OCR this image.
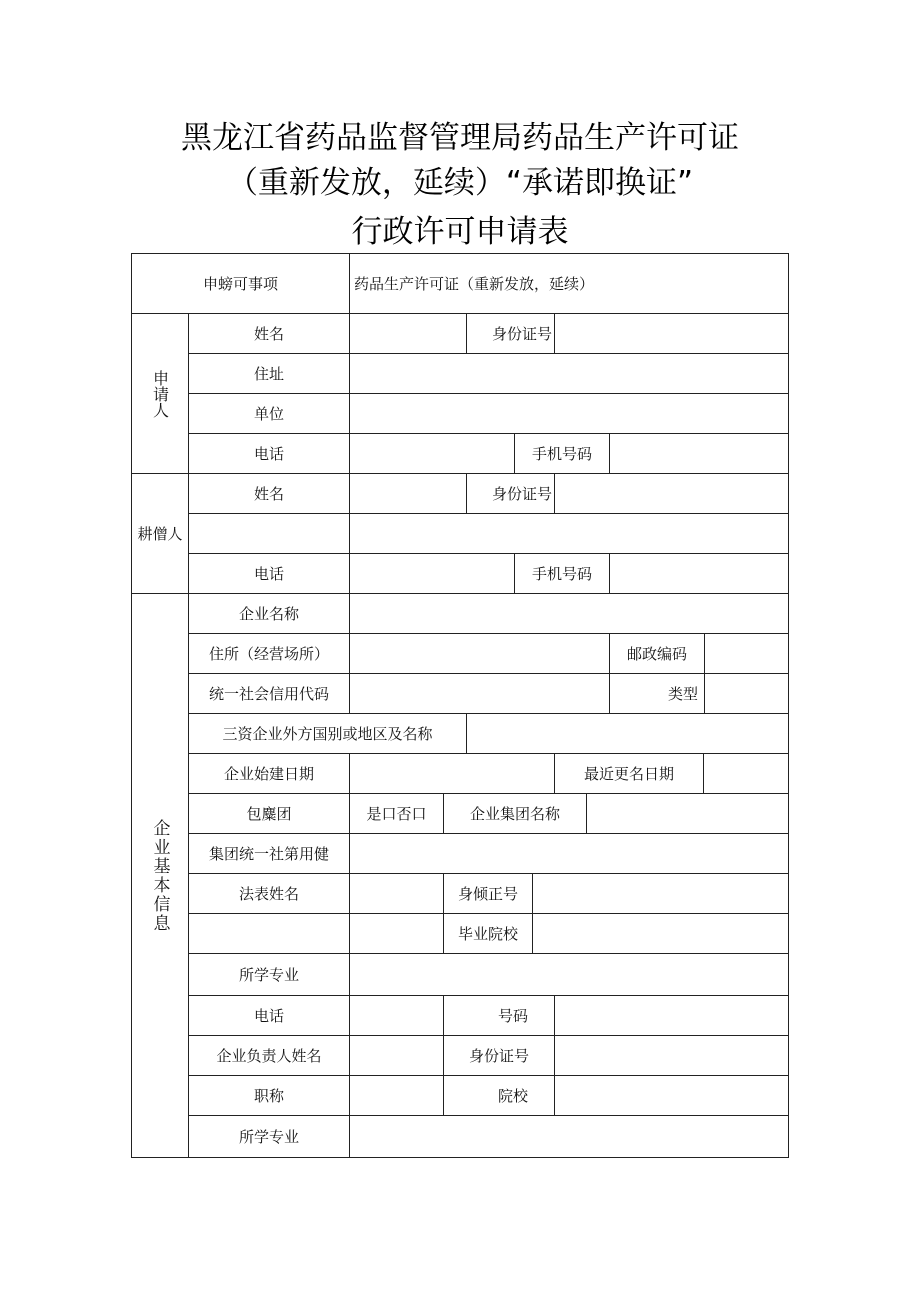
黑龙江省药品监督管理局药品生产许可证
（重新发放，延续）“承诺即换证”
行政许可申请表
申螃可事项	药品生产许可证（重新发放，延续）
申请人
姓名	身份证号
住址
单位
电话	手机号码
耕僧人
姓名	身份证号
电话	手机号码
企业基本信息
企业名称
住所（经营场所）	邮政编码
统一社会信用代码	类型
三资企业外方国别或地区及名称
企业始建日期	最近更名日期
包麋团	是口否口	企业集团名称
集团统一社第用健
法表姓名	身倾正号
毕业院校
所学专业
电话	号码
企业负责人姓名	身份证号
职称	院校
所学专业
